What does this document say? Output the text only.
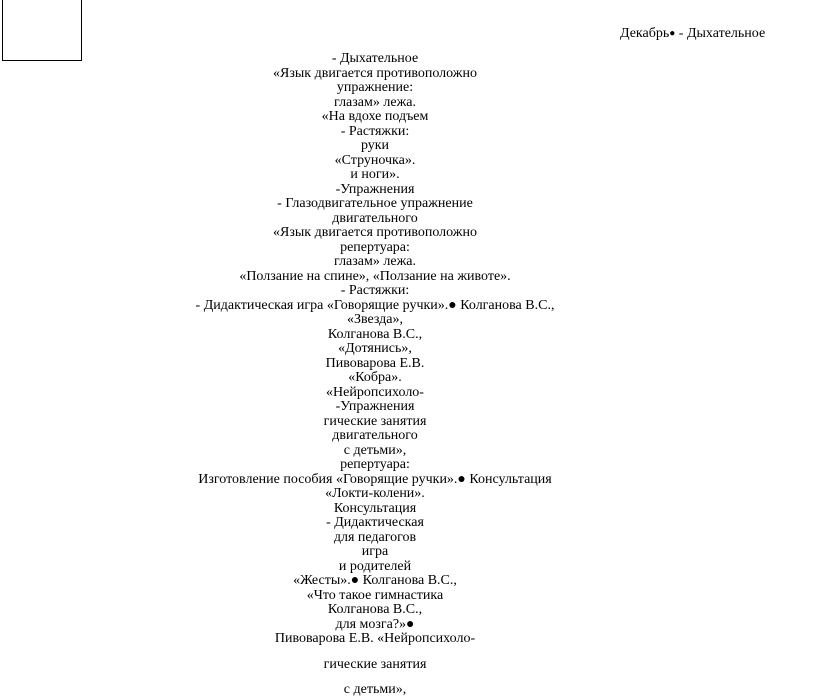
Декабрь● - Дыхательное
- Дыхательное
«Язык двигается противоположно
упражнение:
глазам» лежа.
«На вдохе подъем
- Растяжки:
руки
«Струночка».
и ноги».
-Упражнения
- Глазодвигательное упражнение
двигательного
«Язык двигается противоположно
репертуара:
глазам» лежа.
«Ползание на спине», «Ползание на животе».
- Растяжки:
- Дидактическая игра «Говорящие ручки».● Колганова В.С.,
«Звезда»,
Колганова В.С.,
«Дотянись»,
Пивоварова Е.В.
«Кобра».
«Нейропсихоло-
-Упражнения
гические занятия
двигательного
с детьми»,
репертуара:
Изготовление пособия «Говорящие ручки».● Консультация
«Локти-колени».
Консультация
- Дидактическая
для педагогов
игра
и родителей
«Жесты».● Колганова В.С.,
«Что такое гимнастика
Колганова В.С.,
для мозга?»●
Пивоварова Е.В. «Нейропсихоло-
гические занятия
с детьми»,
